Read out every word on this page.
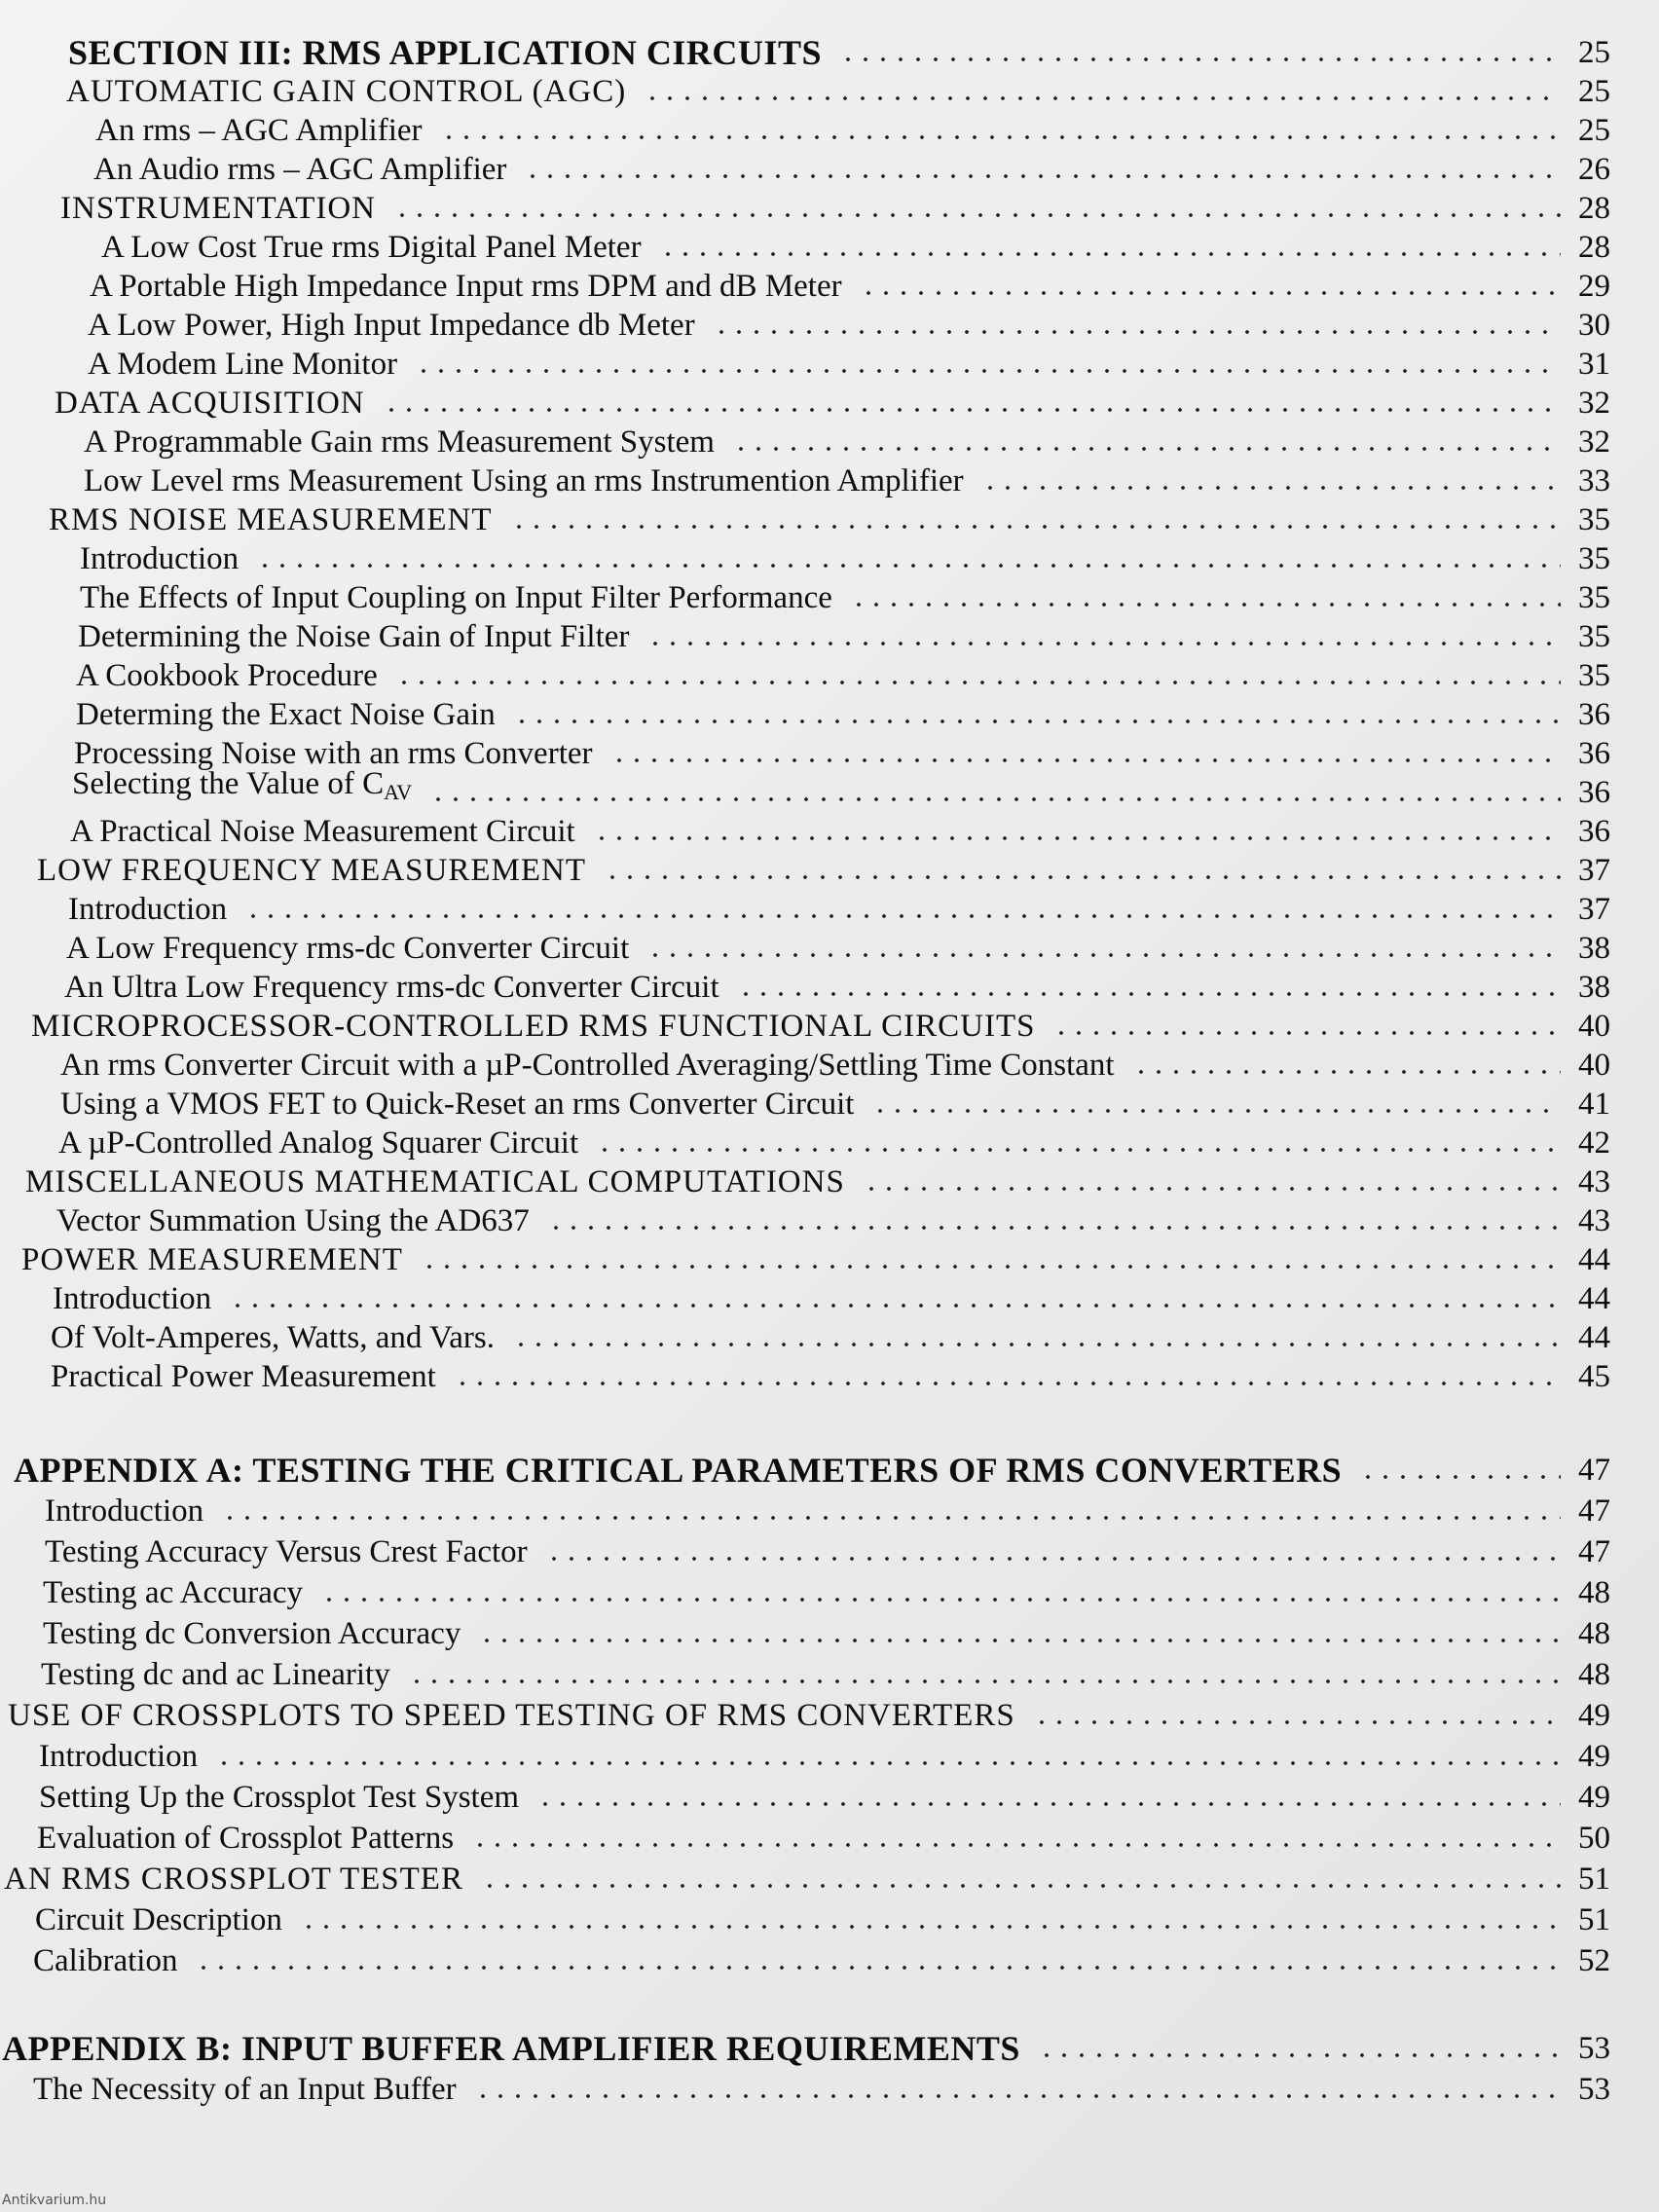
SECTION III: RMS APPLICATION CIRCUITS	25
AUTOMATIC GAIN CONTROL (AGC)	25
An rms – AGC Amplifier	25
An Audio rms – AGC Amplifier	26
INSTRUMENTATION	28
A Low Cost True rms Digital Panel Meter	28
A Portable High Impedance Input rms DPM and dB Meter	29
A Low Power, High Input Impedance db Meter	30
A Modem Line Monitor	31
DATA ACQUISITION	32
A Programmable Gain rms Measurement System	32
Low Level rms Measurement Using an rms Instrumention Amplifier	33
RMS NOISE MEASUREMENT	35
Introduction	35
The Effects of Input Coupling on Input Filter Performance	35
Determining the Noise Gain of Input Filter	35
A Cookbook Procedure	35
Determing the Exact Noise Gain	36
Processing Noise with an rms Converter	36
Selecting the Value of $C_{AV}$	36
A Practical Noise Measurement Circuit	36
LOW FREQUENCY MEASUREMENT	37
Introduction	37
A Low Frequency rms-dc Converter Circuit	38
An Ultra Low Frequency rms-dc Converter Circuit	38
MICROPROCESSOR-CONTROLLED RMS FUNCTIONAL CIRCUITS	40
An rms Converter Circuit with a µP-Controlled Averaging/Settling Time Constant	40
Using a VMOS FET to Quick-Reset an rms Converter Circuit	41
A µP-Controlled Analog Squarer Circuit	42
MISCELLANEOUS MATHEMATICAL COMPUTATIONS	43
Vector Summation Using the AD637	43
POWER MEASUREMENT	44
Introduction	44
Of Volt-Amperes, Watts, and Vars.	44
Practical Power Measurement	45
APPENDIX A: TESTING THE CRITICAL PARAMETERS OF RMS CONVERTERS	47
Introduction	47
Testing Accuracy Versus Crest Factor	47
Testing ac Accuracy	48
Testing dc Conversion Accuracy	48
Testing dc and ac Linearity	48
USE OF CROSSPLOTS TO SPEED TESTING OF RMS CONVERTERS	49
Introduction	49
Setting Up the Crossplot Test System	49
Evaluation of Crossplot Patterns	50
AN RMS CROSSPLOT TESTER	51
Circuit Description	51
Calibration	52
APPENDIX B: INPUT BUFFER AMPLIFIER REQUIREMENTS	53
The Necessity of an Input Buffer	53
Antikvarium.hu
